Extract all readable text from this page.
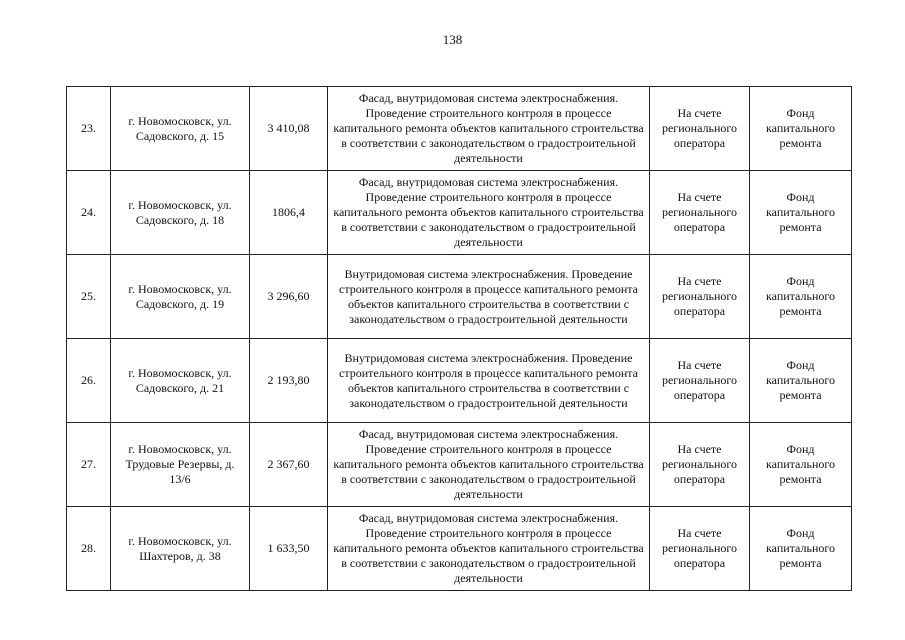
138
23.	г. Новомосковск, ул. Садовского, д. 15	3 410,08	Фасад, внутридомовая система электроснабжения. Проведение строительного контроля в процессе капитального ремонта объектов капитального строительства в соответствии с законодательством о градостроительной деятельности	На счете регионального оператора	Фонд капитального ремонта
24.	г. Новомосковск, ул. Садовского, д. 18	1806,4	Фасад, внутридомовая система электроснабжения. Проведение строительного контроля в процессе капитального ремонта объектов капитального строительства в соответствии с законодательством о градостроительной деятельности	На счете регионального оператора	Фонд капитального ремонта
25.	г. Новомосковск, ул. Садовского, д. 19	3 296,60	Внутридомовая система электроснабжения. Проведение строительного контроля в процессе капитального ремонта объектов капитального строительства в соответствии с законодательством о градостроительной деятельности	На счете регионального оператора	Фонд капитального ремонта
26.	г. Новомосковск, ул. Садовского, д. 21	2 193,80	Внутридомовая система электроснабжения. Проведение строительного контроля в процессе капитального ремонта объектов капитального строительства в соответствии с законодательством о градостроительной деятельности	На счете регионального оператора	Фонд капитального ремонта
27.	г. Новомосковск, ул. Трудовые Резервы, д. 13/6	2 367,60	Фасад, внутридомовая система электроснабжения. Проведение строительного контроля в процессе капитального ремонта объектов капитального строительства в соответствии с законодательством о градостроительной деятельности	На счете регионального оператора	Фонд капитального ремонта
28.	г. Новомосковск, ул. Шахтеров, д. 38	1 633,50	Фасад, внутридомовая система электроснабжения. Проведение строительного контроля в процессе капитального ремонта объектов капитального строительства в соответствии с законодательством о градостроительной деятельности	На счете регионального оператора	Фонд капитального ремонта
